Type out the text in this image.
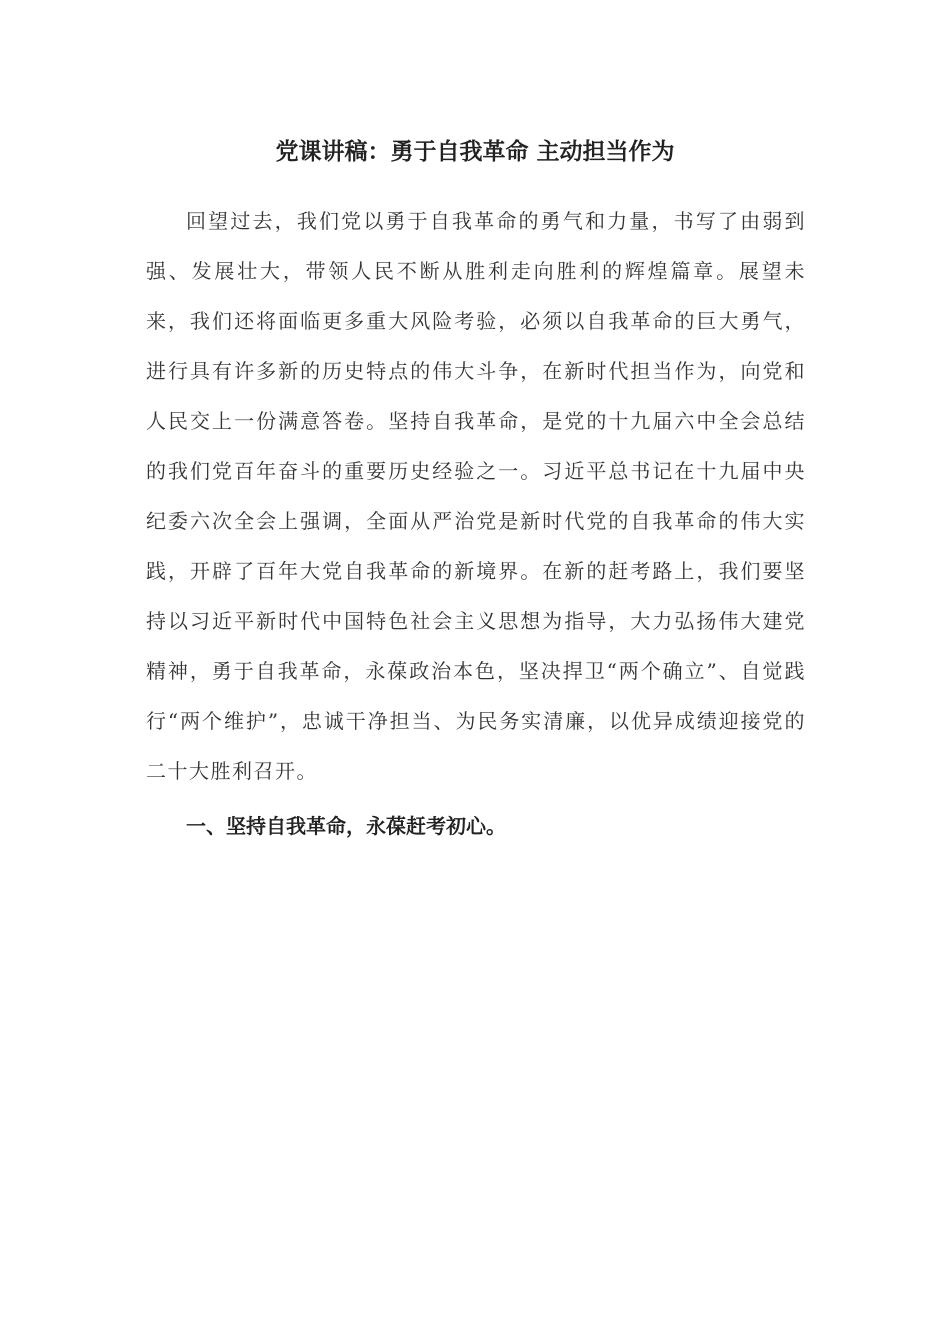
党课讲稿：勇于自我革命 主动担当作为

回望过去，我们党以勇于自我革命的勇气和力量，书写了由弱到强、发展壮大，带领人民不断从胜利走向胜利的辉煌篇章。展望未来，我们还将面临更多重大风险考验，必须以自我革命的巨大勇气，进行具有许多新的历史特点的伟大斗争，在新时代担当作为，向党和人民交上一份满意答卷。坚持自我革命，是党的十九届六中全会总结的我们党百年奋斗的重要历史经验之一。习近平总书记在十九届中央纪委六次全会上强调，全面从严治党是新时代党的自我革命的伟大实践，开辟了百年大党自我革命的新境界。在新的赶考路上，我们要坚持以习近平新时代中国特色社会主义思想为指导，大力弘扬伟大建党精神，勇于自我革命，永葆政治本色，坚决捍卫“两个确立”、自觉践行“两个维护”，忠诚干净担当、为民务实清廉，以优异成绩迎接党的二十大胜利召开。

一、坚持自我革命，永葆赶考初心。
